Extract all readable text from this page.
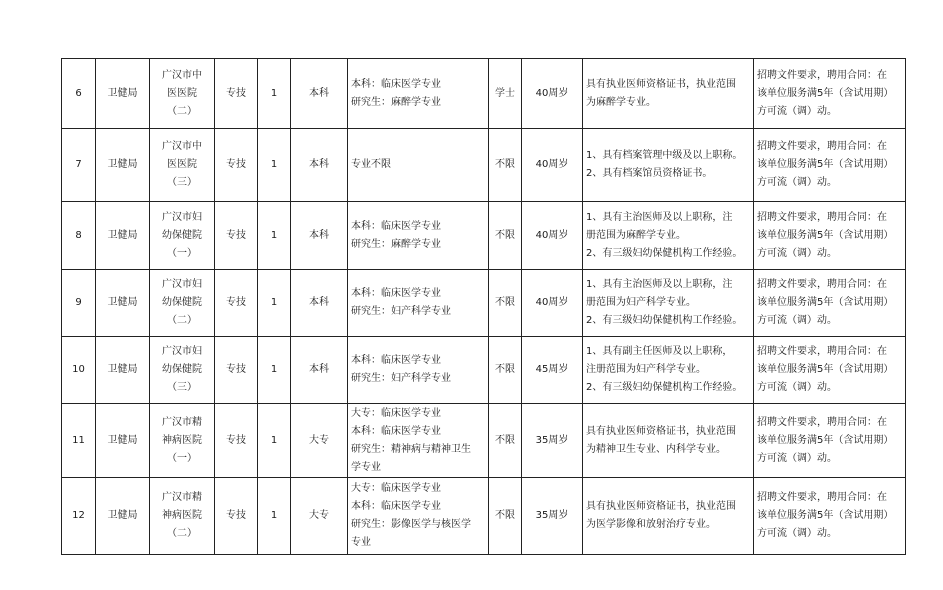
6	卫健局	广汉市中
医医院
（二）	专技	1	本科	本科：临床医学专业
研究生：麻醉学专业	学士	40周岁	具有执业医师资格证书，执业范围
为麻醉学专业。	招聘文件要求，聘用合同：在
该单位服务满5年（含试用期）
方可流（调）动。

7	卫健局	广汉市中
医医院
（三）	专技	1	本科	专业不限	不限	40周岁	1、具有档案管理中级及以上职称。
2、具有档案馆员资格证书。	招聘文件要求，聘用合同：在
该单位服务满5年（含试用期）
方可流（调）动。

8	卫健局	广汉市妇
幼保健院
（一）	专技	1	本科	本科：临床医学专业
研究生：麻醉学专业	不限	40周岁	1、具有主治医师及以上职称，注
册范围为麻醉学专业。
2、有三级妇幼保健机构工作经验。	招聘文件要求，聘用合同：在
该单位服务满5年（含试用期）
方可流（调）动。

9	卫健局	广汉市妇
幼保健院
（二）	专技	1	本科	本科：临床医学专业
研究生：妇产科学专业	不限	40周岁	1、具有主治医师及以上职称，注
册范围为妇产科学专业。
2、有三级妇幼保健机构工作经验。	招聘文件要求，聘用合同：在
该单位服务满5年（含试用期）
方可流（调）动。

10	卫健局	广汉市妇
幼保健院
（三）	专技	1	本科	本科：临床医学专业
研究生：妇产科学专业	不限	45周岁	1、具有副主任医师及以上职称，
注册范围为妇产科学专业。
2、有三级妇幼保健机构工作经验。	招聘文件要求，聘用合同：在
该单位服务满5年（含试用期）
方可流（调）动。

11	卫健局	广汉市精
神病医院
（一）	专技	1	大专	大专：临床医学专业
本科：临床医学专业
研究生：精神病与精神卫生
学专业	不限	35周岁	具有执业医师资格证书，执业范围
为精神卫生专业、内科学专业。	招聘文件要求，聘用合同：在
该单位服务满5年（含试用期）
方可流（调）动。

12	卫健局	广汉市精
神病医院
（二）	专技	1	大专	大专：临床医学专业
本科：临床医学专业
研究生：影像医学与核医学
专业	不限	35周岁	具有执业医师资格证书，执业范围
为医学影像和放射治疗专业。	招聘文件要求，聘用合同：在
该单位服务满5年（含试用期）
方可流（调）动。
